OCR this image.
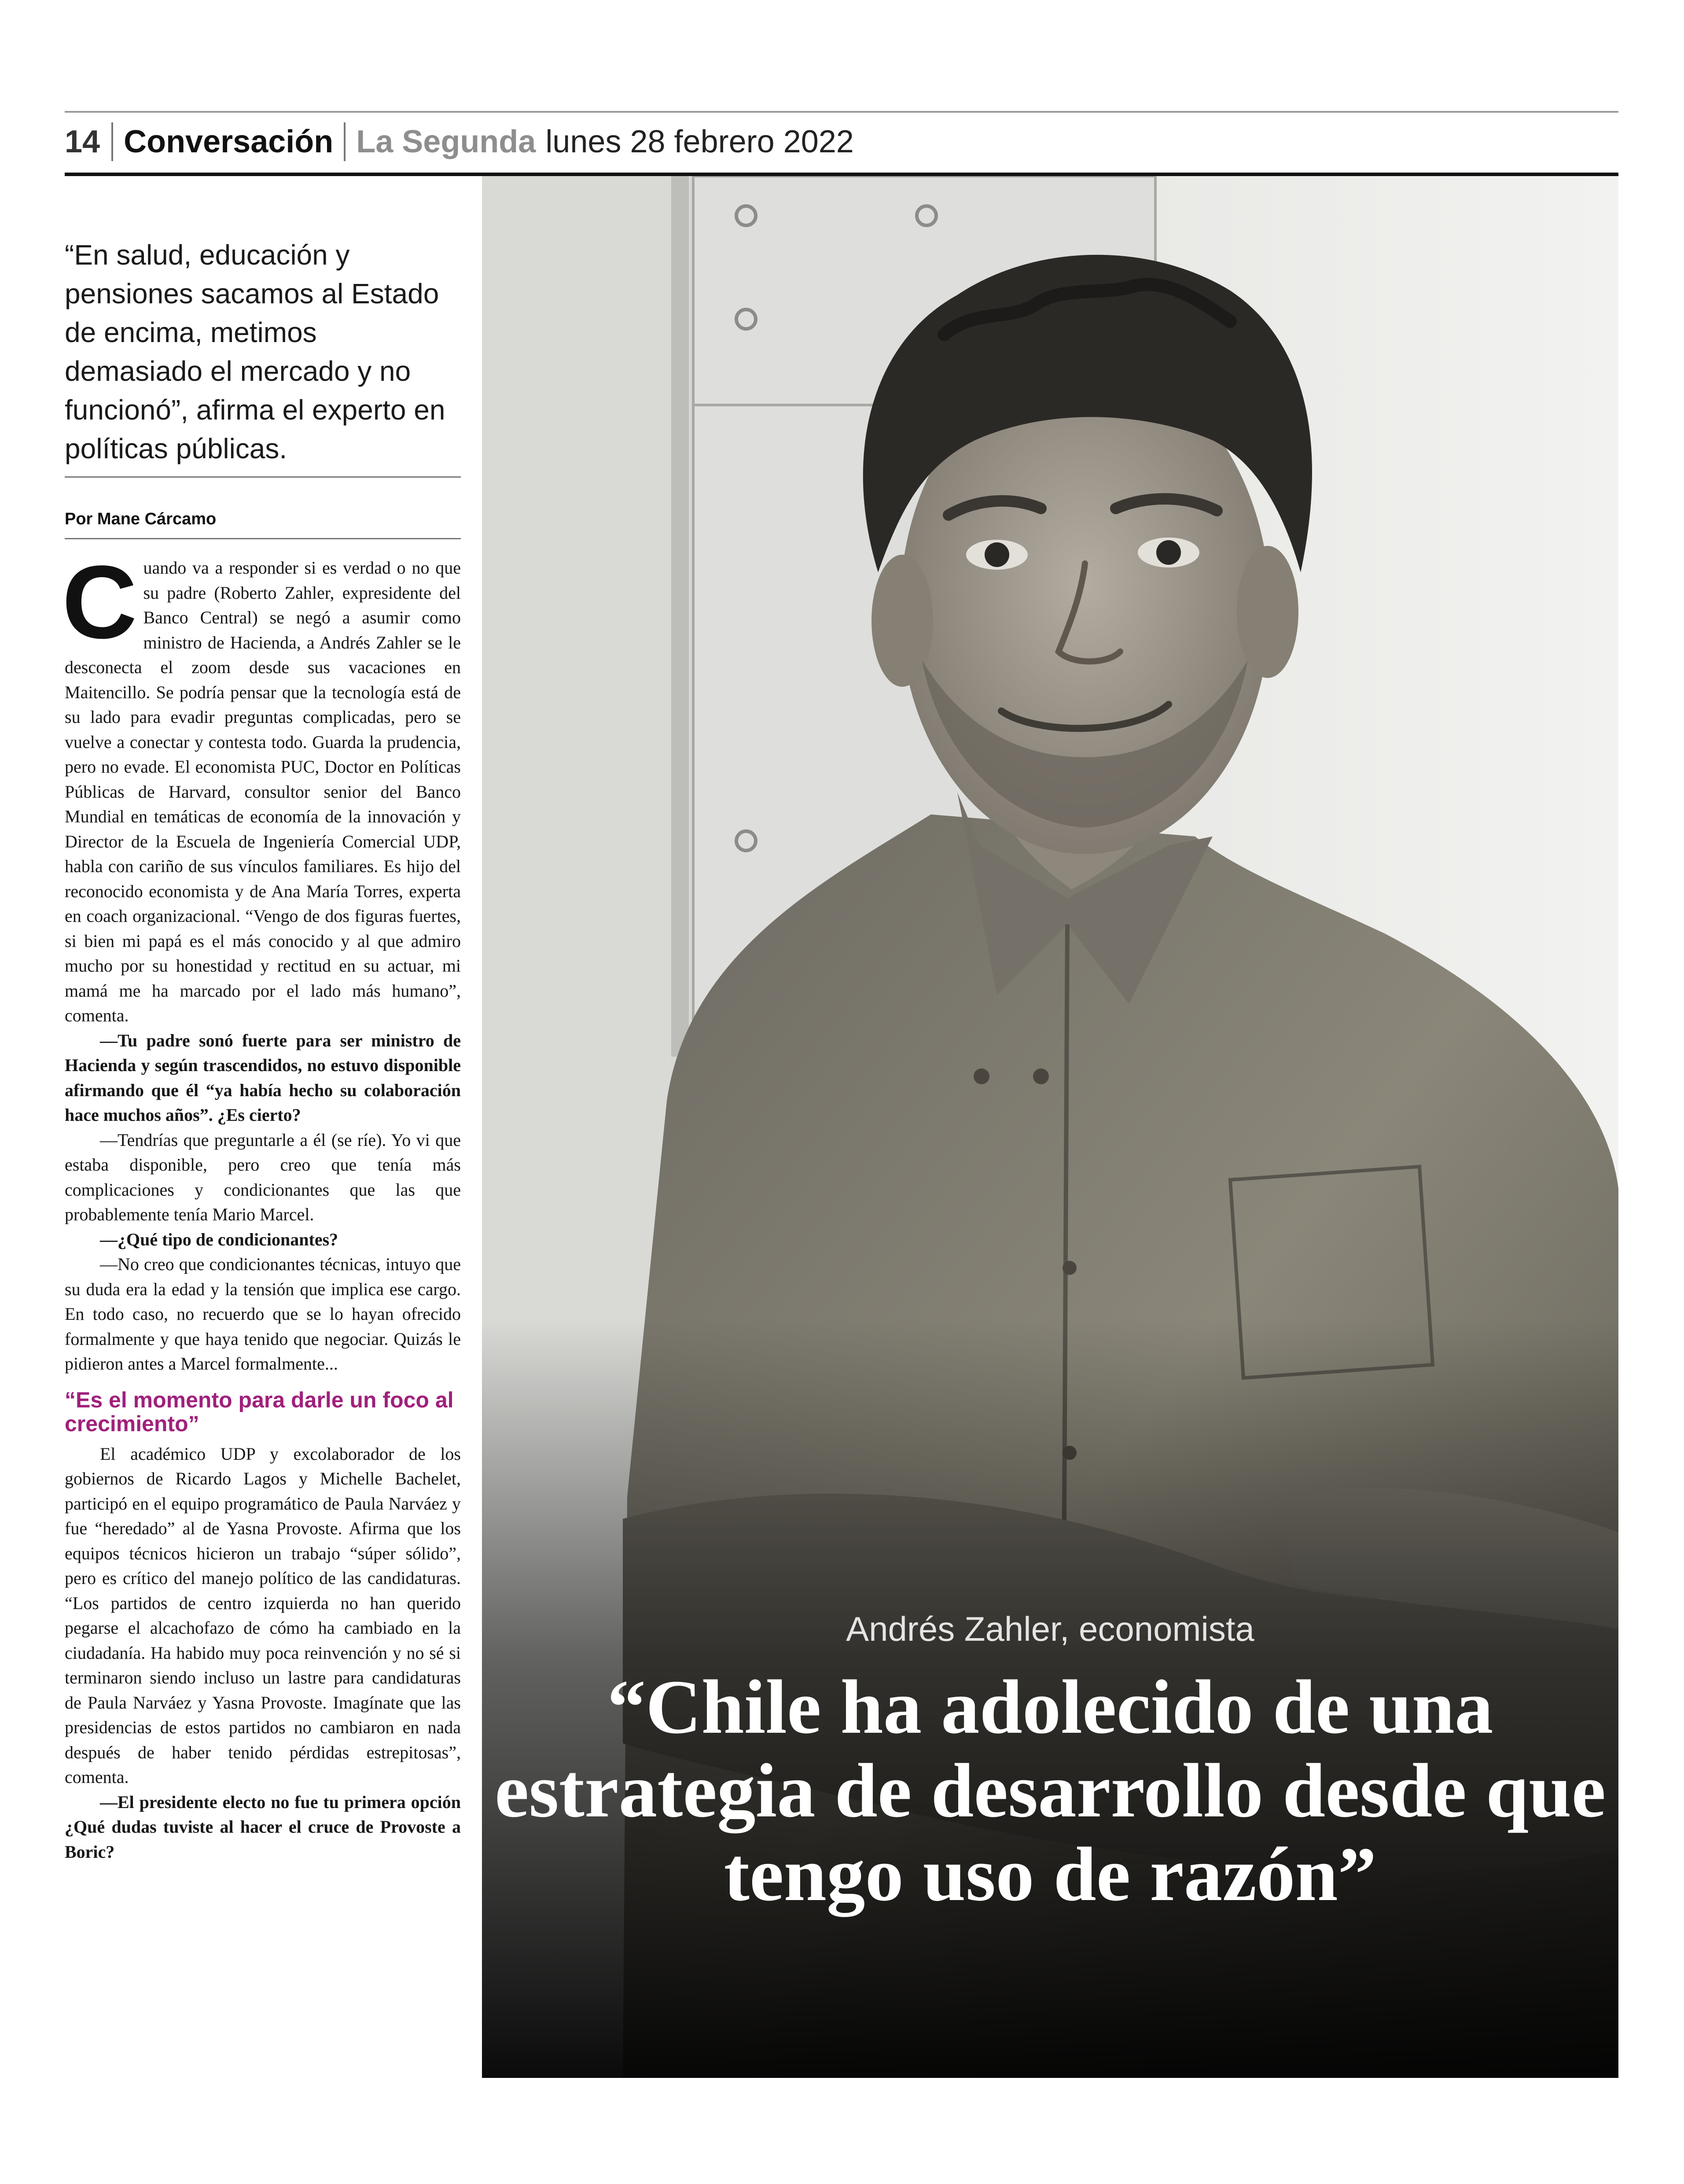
14 Conversación La Segunda lunes 28 febrero 2022

“En salud, educación y pensiones sacamos al Estado de encima, metimos demasiado el mercado y no funcionó”, afirma el experto en políticas públicas.

Por Mane Cárcamo

Cuando va a responder si es verdad o no que su padre (Roberto Zahler, expresidente del Banco Central) se negó a asumir como ministro de Hacienda, a Andrés Zahler se le desconecta el zoom desde sus vacaciones en Maitencillo. Se podría pensar que la tecnología está de su lado para evadir preguntas complicadas, pero se vuelve a conectar y contesta todo. Guarda la prudencia, pero no evade. El economista PUC, Doctor en Políticas Públicas de Harvard, consultor senior del Banco Mundial en temáticas de economía de la innovación y Director de la Escuela de Ingeniería Comercial UDP, habla con cariño de sus vínculos familiares. Es hijo del reconocido economista y de Ana María Torres, experta en coach organizacional. “Vengo de dos figuras fuertes, si bien mi papá es el más conocido y al que admiro mucho por su honestidad y rectitud en su actuar, mi mamá me ha marcado por el lado más humano”, comenta.

—Tu padre sonó fuerte para ser ministro de Hacienda y según trascendidos, no estuvo disponible afirmando que él “ya había hecho su colaboración hace muchos años”. ¿Es cierto?

—Tendrías que preguntarle a él (se ríe). Yo vi que estaba disponible, pero creo que tenía más complicaciones y condicionantes que las que probablemente tenía Mario Marcel.

—¿Qué tipo de condicionantes?

—No creo que condicionantes técnicas, intuyo que su duda era la edad y la tensión que implica ese cargo. En todo caso, no recuerdo que se lo hayan ofrecido formalmente y que haya tenido que negociar. Quizás le pidieron antes a Marcel formalmente...

“Es el momento para darle un foco al crecimiento”

El académico UDP y excolaborador de los gobiernos de Ricardo Lagos y Michelle Bachelet, participó en el equipo programático de Paula Narváez y fue “heredado” al de Yasna Provoste. Afirma que los equipos técnicos hicieron un trabajo “súper sólido”, pero es crítico del manejo político de las candidaturas. “Los partidos de centro izquierda no han querido pegarse el alcachofazo de cómo ha cambiado en la ciudadanía. Ha habido muy poca reinvención y no sé si terminaron siendo incluso un lastre para candidaturas de Paula Narváez y Yasna Provoste. Imagínate que las presidencias de estos partidos no cambiaron en nada después de haber tenido pérdidas estrepitosas”, comenta.

—El presidente electo no fue tu primera opción ¿Qué dudas tuviste al hacer el cruce de Provoste a Boric?

Andrés Zahler, economista

“Chile ha adolecido de una estrategia de desarrollo desde que tengo uso de razón”
